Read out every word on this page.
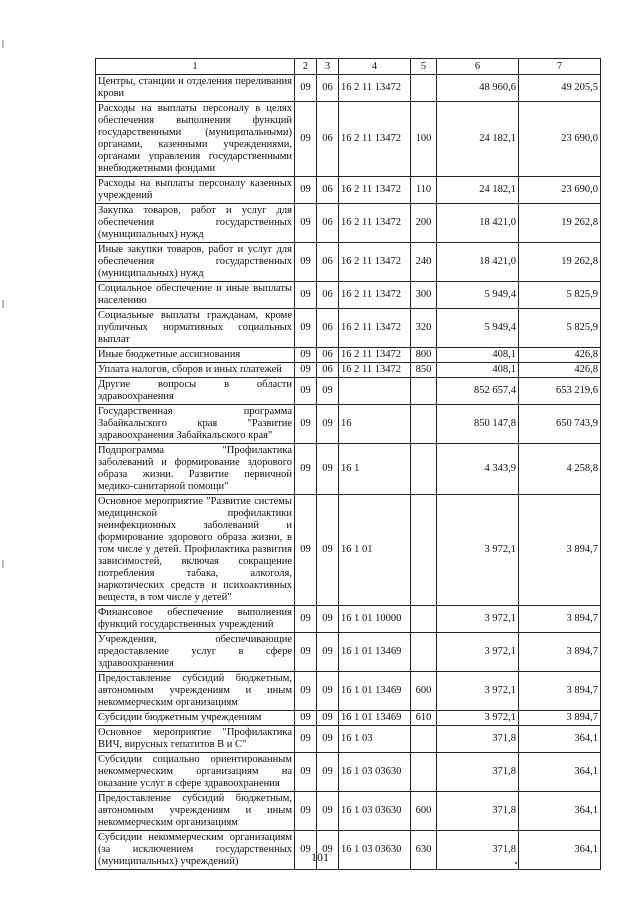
1	2	3	4	5	6	7
Центры, станции и отделения переливания крови	09	06	16 2 11 13472		48 960,6	49 205,5
Расходы на выплаты персоналу в целях обеспечения выполнения функций государственными (муниципальными) органами, казенными учреждениями, органами управления государственными внебюджетными фондами	09	06	16 2 11 13472	100	24 182,1	23 690,0
Расходы на выплаты персоналу казенных учреждений	09	06	16 2 11 13472	110	24 182,1	23 690,0
Закупка товаров, работ и услуг для обеспечения государственных (муниципальных) нужд	09	06	16 2 11 13472	200	18 421,0	19 262,8
Иные закупки товаров, работ и услуг для обеспечения государственных (муниципальных) нужд	09	06	16 2 11 13472	240	18 421,0	19 262,8
Социальное обеспечение и иные выплаты населению	09	06	16 2 11 13472	300	5 949,4	5 825,9
Социальные выплаты гражданам, кроме публичных нормативных социальных выплат	09	06	16 2 11 13472	320	5 949,4	5 825,9
Иные бюджетные ассигнования	09	06	16 2 11 13472	800	408,1	426,8
Уплата налогов, сборов и иных платежей	09	06	16 2 11 13472	850	408,1	426,8
Другие вопросы в области здравоохранения	09	09			852 657,4	653 219,6
Государственная программа Забайкальского края "Развитие здравоохранения Забайкальского края"	09	09	16		850 147,8	650 743,9
Подпрограмма "Профилактика заболеваний и формирование здорового образа жизни. Развитие первичной медико-санитарной помощи"	09	09	16 1		4 343,9	4 258,8
Основное мероприятие "Развитие системы медицинской профилактики неинфекционных заболеваний и формирование здорового образа жизни, в том числе у детей. Профилактика развития зависимостей, включая сокращение потребления табака, алкоголя, наркотических средств и психоактивных веществ, в том числе у детей"	09	09	16 1 01		3 972,1	3 894,7
Финансовое обеспечение выполнения функций государственных учреждений	09	09	16 1 01 10000		3 972,1	3 894,7
Учреждения, обеспечивающие предоставление услуг в сфере здравоохранения	09	09	16 1 01 13469		3 972,1	3 894,7
Предоставление субсидий бюджетным, автономным учреждениям и иным некоммерческим организациям	09	09	16 1 01 13469	600	3 972,1	3 894,7
Субсидии бюджетным учреждениям	09	09	16 1 01 13469	610	3 972,1	3 894,7
Основное мероприятие "Профилактика ВИЧ, вирусных гепатитов В и С"	09	09	16 1 03		371,8	364,1
Субсидии социально ориентированным некоммерческим организациям на оказание услуг в сфере здравоохранения	09	09	16 1 03 03630		371,8	364,1
Предоставление субсидий бюджетным, автономным учреждениям и иным некоммерческим организациям	09	09	16 1 03 03630	600	371,8	364,1
Субсидии некоммерческим организациям (за исключением государственных (муниципальных) учреждений)	09	09	16 1 03 03630	630	371,8	364,1
101
